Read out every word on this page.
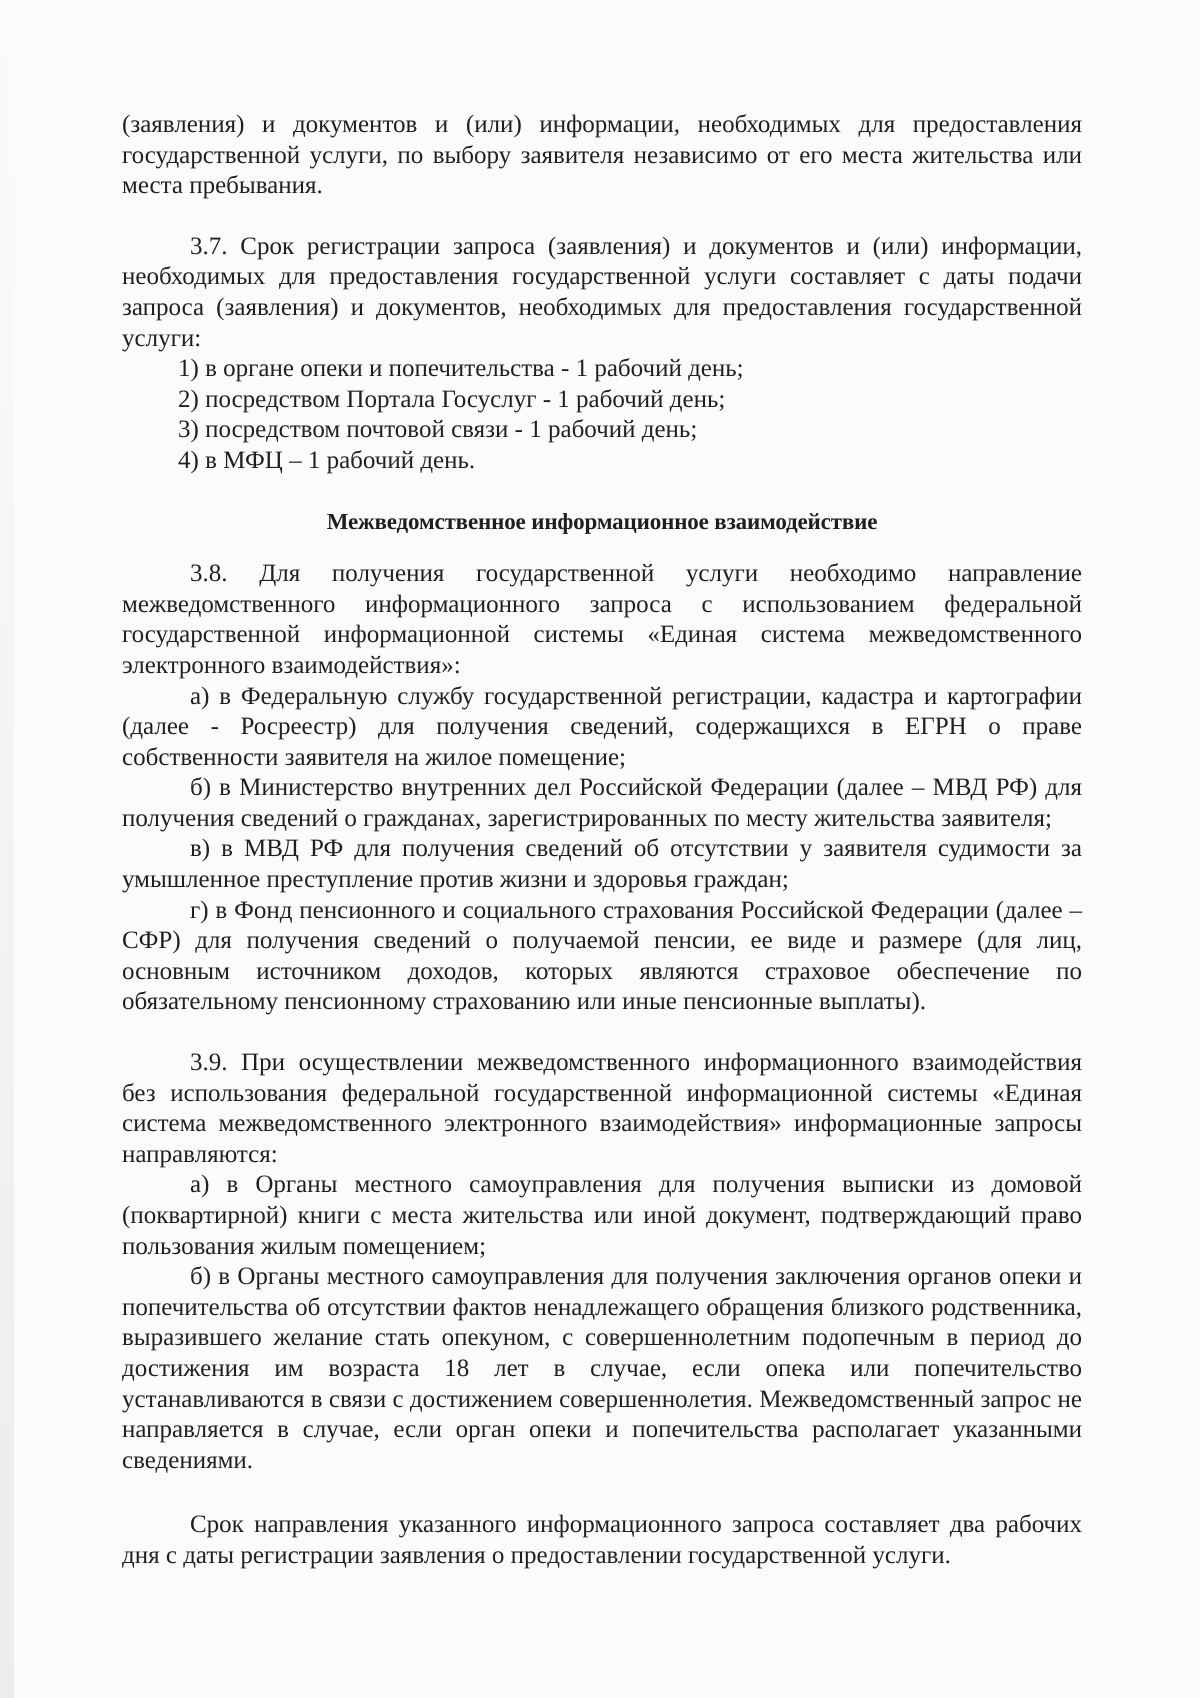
(заявления) и документов и (или) информации, необходимых для предоставления государственной услуги, по выбору заявителя независимо от его места жительства или места пребывания.

3.7. Срок регистрации запроса (заявления) и документов и (или) информации, необходимых для предоставления государственной услуги составляет с даты подачи запроса (заявления) и документов, необходимых для предоставления государственной услуги:

1) в органе опеки и попечительства - 1 рабочий день;

2) посредством Портала Госуслуг - 1 рабочий день;

3) посредством почтовой связи - 1 рабочий день;

4) в МФЦ – 1 рабочий день.

Межведомственное информационное взаимодействие

3.8. Для получения государственной услуги необходимо направление межведомственного информационного запроса с использованием федеральной государственной информационной системы «Единая система межведомственного электронного взаимодействия»:

а) в Федеральную службу государственной регистрации, кадастра и картографии (далее - Росреестр) для получения сведений, содержащихся в ЕГРН о праве собственности заявителя на жилое помещение;

б) в Министерство внутренних дел Российской Федерации (далее – МВД РФ) для получения сведений о гражданах, зарегистрированных по месту жительства заявителя;

в) в МВД РФ для получения сведений об отсутствии у заявителя судимости за умышленное преступление против жизни и здоровья граждан;

г) в Фонд пенсионного и социального страхования Российской Федерации (далее – СФР) для получения сведений о получаемой пенсии, ее виде и размере (для лиц, основным источником доходов, которых являются страховое обеспечение по обязательному пенсионному страхованию или иные пенсионные выплаты).

3.9. При осуществлении межведомственного информационного взаимодействия без использования федеральной государственной информационной системы «Единая система межведомственного электронного взаимодействия» информационные запросы направляются:

а) в Органы местного самоуправления для получения выписки из домовой (поквартирной) книги с места жительства или иной документ, подтверждающий право пользования жилым помещением;

б) в Органы местного самоуправления для получения заключения органов опеки и попечительства об отсутствии фактов ненадлежащего обращения близкого родственника, выразившего желание стать опекуном, с совершеннолетним подопечным в период до достижения им возраста 18 лет в случае, если опека или попечительство устанавливаются в связи с достижением совершеннолетия. Межведомственный запрос не направляется в случае, если орган опеки и попечительства располагает указанными сведениями.

Срок направления указанного информационного запроса составляет два рабочих дня с даты регистрации заявления о предоставлении государственной услуги.
